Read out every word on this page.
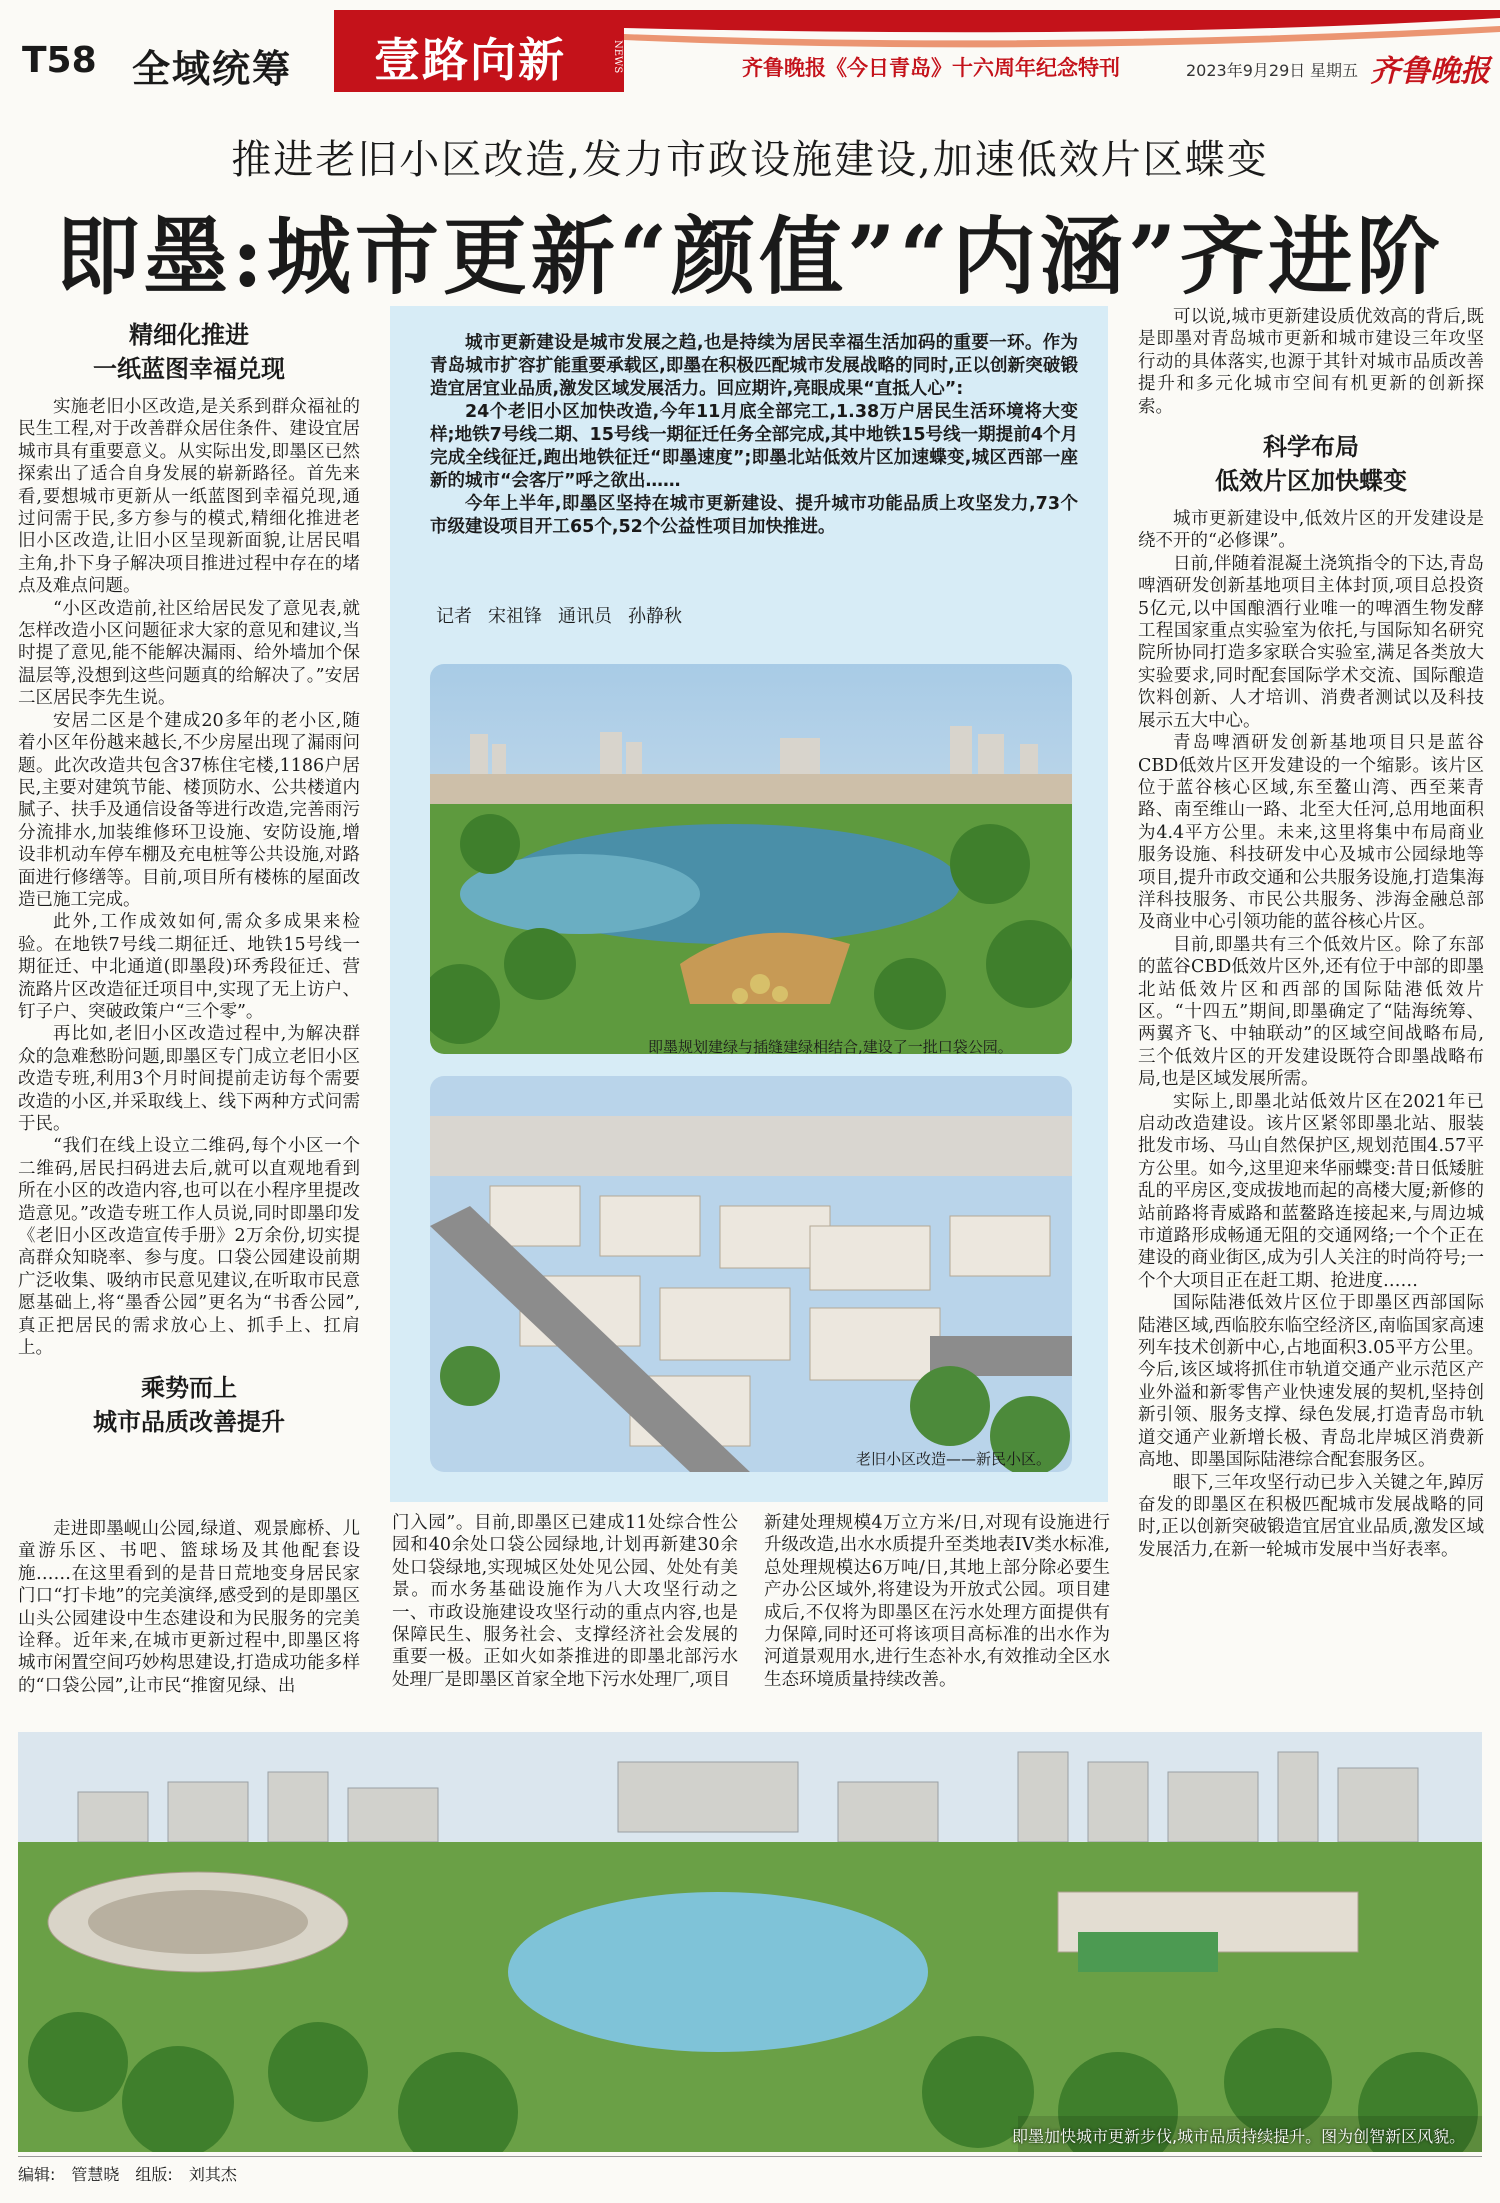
T58 全域统筹 壹路向新	NEWS	齐鲁晚报《今日青岛》十六周年纪念特刊	2023年9月29日 星期五 齐鲁晚报
推进老旧小区改造,发力市政设施建设,加速低效片区蝶变
即墨:城市更新“颜值”“内涵”齐进阶
精细化推进
一纸蓝图幸福兑现

实施老旧小区改造,是关系到群众福祉的民生工程,对于改善群众居住条件、建设宜居城市具有重要意义。从实际出发,即墨区已然探索出了适合自身发展的崭新路径。首先来看,要想城市更新从一纸蓝图到幸福兑现,通过问需于民,多方参与的模式,精细化推进老旧小区改造,让旧小区呈现新面貌,让居民唱主角,扑下身子解决项目推进过程中存在的堵点及难点问题。

“小区改造前,社区给居民发了意见表,就怎样改造小区问题征求大家的意见和建议,当时提了意见,能不能解决漏雨、给外墙加个保温层等,没想到这些问题真的给解决了。”安居二区居民李先生说。

安居二区是个建成20多年的老小区,随着小区年份越来越长,不少房屋出现了漏雨问题。此次改造共包含37栋住宅楼,1186户居民,主要对建筑节能、楼顶防水、公共楼道内腻子、扶手及通信设备等进行改造,完善雨污分流排水,加装维修环卫设施、安防设施,增设非机动车停车棚及充电桩等公共设施,对路面进行修缮等。目前,项目所有楼栋的屋面改造已施工完成。

此外,工作成效如何,需众多成果来检验。在地铁7号线二期征迁、地铁15号线一期征迁、中北通道(即墨段)环秀段征迁、营流路片区改造征迁项目中,实现了无上访户、钉子户、突破政策户“三个零”。

再比如,老旧小区改造过程中,为解决群众的急难愁盼问题,即墨区专门成立老旧小区改造专班,利用3个月时间提前走访每个需要改造的小区,并采取线上、线下两种方式问需于民。

“我们在线上设立二维码,每个小区一个二维码,居民扫码进去后,就可以直观地看到所在小区的改造内容,也可以在小程序里提改造意见。”改造专班工作人员说,同时即墨印发《老旧小区改造宣传手册》2万余份,切实提高群众知晓率、参与度。口袋公园建设前期广泛收集、吸纳市民意见建议,在听取市民意愿基础上,将“墨香公园”更名为“书香公园”,真正把居民的需求放心上、抓手上、扛肩上。

乘势而上
城市品质改善提升

城市更新建设是城市发展之趋,也是持续为居民幸福生活加码的重要一环。作为青岛城市扩容扩能重要承载区,即墨在积极匹配城市发展战略的同时,正以创新突破锻造宜居宜业品质,激发区域发展活力。回应期许,亮眼成果“直抵人心”:

24个老旧小区加快改造,今年11月底全部完工,1.38万户居民生活环境将大变样;地铁7号线二期、15号线一期征迁任务全部完成,其中地铁15号线一期提前4个月完成全线征迁,跑出地铁征迁“即墨速度”;即墨北站低效片区加速蝶变,城区西部一座新的城市“会客厅”呼之欲出……

今年上半年,即墨区坚持在城市更新建设、提升城市功能品质上攻坚发力,73个市级建设项目开工65个,52个公益性项目加快推进。

记者 宋祖锋 通讯员 孙静秋
即墨规划建绿与插缝建绿相结合,建设了一批口袋公园。
老旧小区改造——新民小区。

可以说,城市更新建设质优效高的背后,既是即墨对青岛城市更新和城市建设三年攻坚行动的具体落实,也源于其针对城市品质改善提升和多元化城市空间有机更新的创新探索。

科学布局
低效片区加快蝶变

城市更新建设中,低效片区的开发建设是绕不开的“必修课”。

日前,伴随着混凝土浇筑指令的下达,青岛啤酒研发创新基地项目主体封顶,项目总投资5亿元,以中国酿酒行业唯一的啤酒生物发酵工程国家重点实验室为依托,与国际知名研究院所协同打造多家联合实验室,满足各类放大实验要求,同时配套国际学术交流、国际酿造饮料创新、人才培训、消费者测试以及科技展示五大中心。

青岛啤酒研发创新基地项目只是蓝谷CBD低效片区开发建设的一个缩影。该片区位于蓝谷核心区域,东至鳌山湾、西至莱青路、南至维山一路、北至大任河,总用地面积为4.4平方公里。未来,这里将集中布局商业服务设施、科技研发中心及城市公园绿地等项目,提升市政交通和公共服务设施,打造集海洋科技服务、市民公共服务、涉海金融总部及商业中心引领功能的蓝谷核心片区。

目前,即墨共有三个低效片区。除了东部的蓝谷CBD低效片区外,还有位于中部的即墨北站低效片区和西部的国际陆港低效片区。“十四五”期间,即墨确定了“陆海统筹、两翼齐飞、中轴联动”的区域空间战略布局,三个低效片区的开发建设既符合即墨战略布局,也是区域发展所需。

实际上,即墨北站低效片区在2021年已启动改造建设。该片区紧邻即墨北站、服装批发市场、马山自然保护区,规划范围4.57平方公里。如今,这里迎来华丽蝶变:昔日低矮脏乱的平房区,变成拔地而起的高楼大厦;新修的站前路将青威路和蓝鳌路连接起来,与周边城市道路形成畅通无阻的交通网络;一个个正在建设的商业街区,成为引人关注的时尚符号;一个个大项目正在赶工期、抢进度……

国际陆港低效片区位于即墨区西部国际陆港区域,西临胶东临空经济区,南临国家高速列车技术创新中心,占地面积3.05平方公里。今后,该区域将抓住市轨道交通产业示范区产业外溢和新零售产业快速发展的契机,坚持创新引领、服务支撑、绿色发展,打造青岛市轨道交通产业新增长极、青岛北岸城区消费新高地、即墨国际陆港综合配套服务区。

眼下,三年攻坚行动已步入关键之年,踔厉奋发的即墨区在积极匹配城市发展战略的同时,正以创新突破锻造宜居宜业品质,激发区域发展活力,在新一轮城市发展中当好表率。

走进即墨岘山公园,绿道、观景廊桥、儿童游乐区、书吧、篮球场及其他配套设施……在这里看到的是昔日荒地变身居民家门口“打卡地”的完美演绎,感受到的是即墨区山头公园建设中生态建设和为民服务的完美诠释。近年来,在城市更新过程中,即墨区将城市闲置空间巧妙构思建设,打造成功能多样的“口袋公园”,让市民“推窗见绿、出

门入园”。目前,即墨区已建成11处综合性公园和40余处口袋公园绿地,计划再新建30余处口袋绿地,实现城区处处见公园、处处有美景。而水务基础设施作为八大攻坚行动之一、市政设施建设攻坚行动的重点内容,也是保障民生、服务社会、支撑经济社会发展的重要一极。正如火如荼推进的即墨北部污水处理厂是即墨区首家全地下污水处理厂,项目

新建处理规模4万立方米/日,对现有设施进行升级改造,出水水质提升至类地表IV类水标准,总处理规模达6万吨/日,其地上部分除必要生产办公区域外,将建设为开放式公园。项目建成后,不仅将为即墨区在污水处理方面提供有力保障,同时还可将该项目高标准的出水作为河道景观用水,进行生态补水,有效推动全区水生态环境质量持续改善。

即墨加快城市更新步伐,城市品质持续提升。图为创智新区风貌。
编辑: 管慧晓 组版: 刘其杰
